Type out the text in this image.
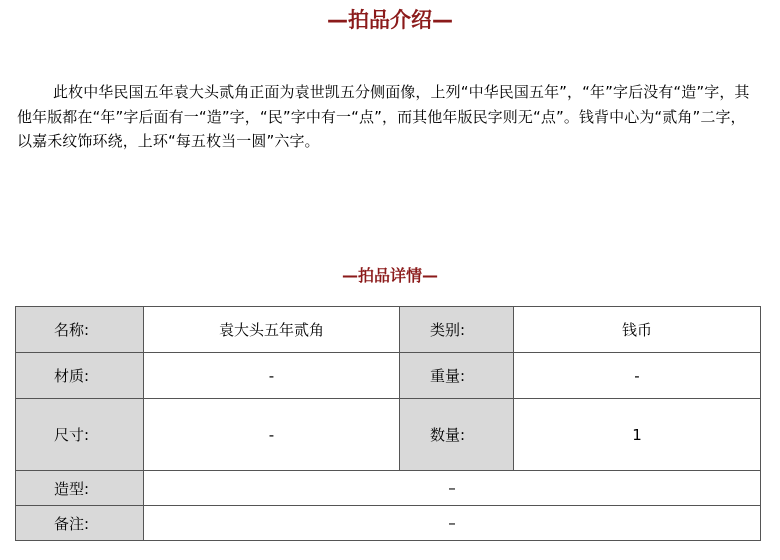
—拍品介绍—

此枚中华民国五年袁大头贰角正面为袁世凯五分侧面像，上列“中华民国五年”，“年”字后没有“造”字，其他年版都在“年”字后面有一“造”字，“民”字中有一“点”，而其他年版民字则无“点”。钱背中心为“贰角”二字，以嘉禾纹饰环绕，上环“每五枚当一圆”六字。

—拍品详情—
名称:	袁大头五年贰角	类别:	钱币
材质:	-	重量:	-
尺寸:	-	数量:	1
造型:	–		
备注:	–		
